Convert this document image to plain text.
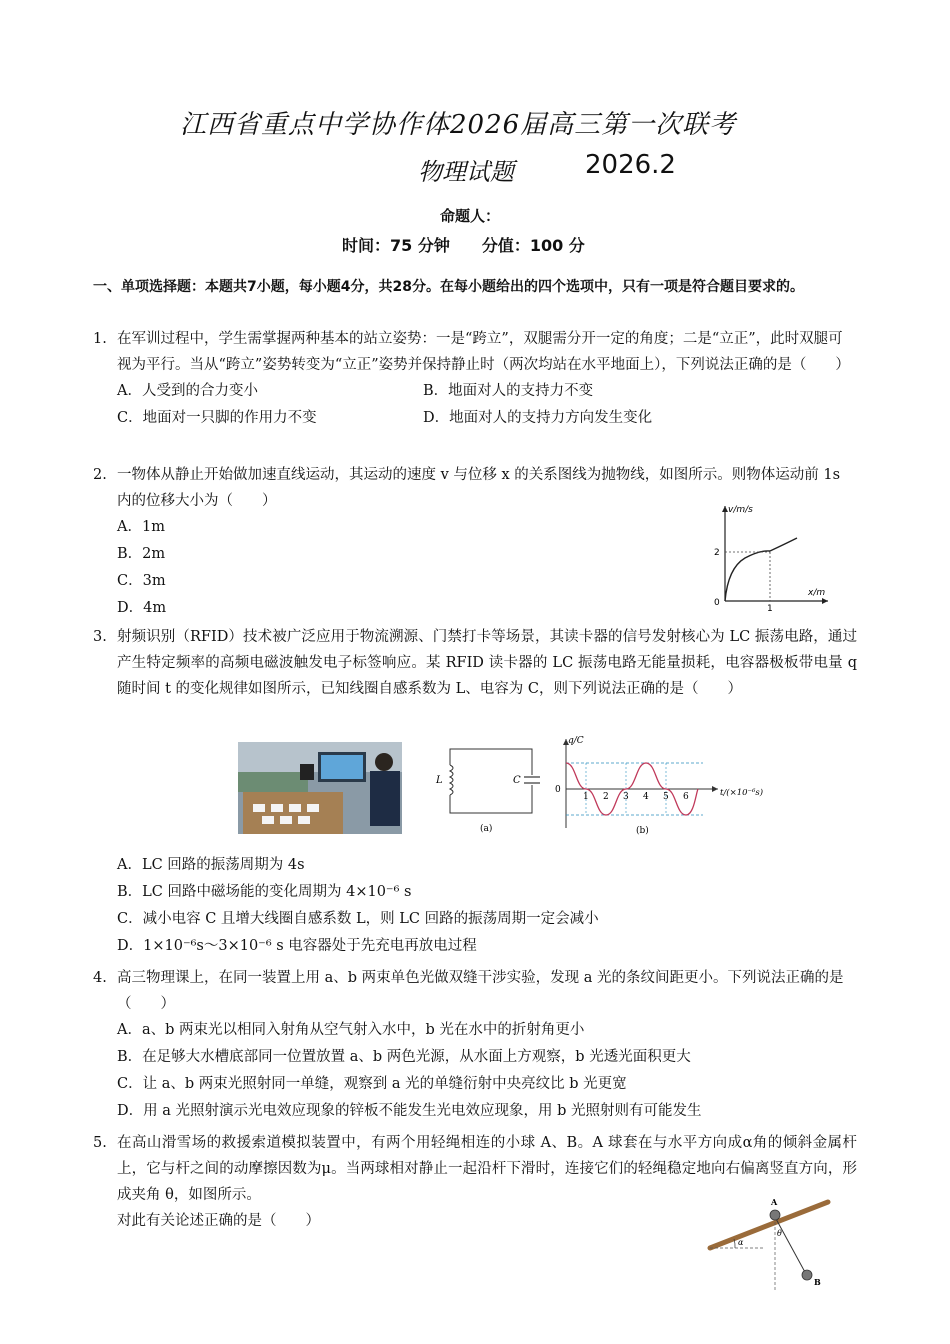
江西省重点中学协作体2026届高三第一次联考
物理试题	2026.2
命题人：
时间：75 分钟　　分值：100 分
一、单项选择题：本题共7小题，每小题4分，共28分。在每小题给出的四个选项中，只有一项是符合题目要求的。
1. 在军训过程中，学生需掌握两种基本的站立姿势：一是“跨立”，双腿需分开一定的角度；二是“立正”，此时双腿可视为平行。当从“跨立”姿势转变为“立正”姿势并保持静止时（两次均站在水平地面上），下列说法正确的是（　　）
A．人受到的合力变小	B．地面对人的支持力不变
C．地面对一只脚的作用力不变	D．地面对人的支持力方向发生变化
2. 一物体从静止开始做加速直线运动，其运动的速度 v 与位移 x 的关系图线为抛物线，如图所示。则物体运动前 1s 内的位移大小为（　　）
A．1m
B．2m
C．3m
D．4m
v/m/s
x/m
2
1
0
3. 射频识别（RFID）技术被广泛应用于物流溯源、门禁打卡等场景，其读卡器的信号发射核心为 LC 振荡电路，通过产生特定频率的高频电磁波触发电子标签响应。某 RFID 读卡器的 LC 振荡电路无能量损耗，电容器极板带电量 q 随时间 t 的变化规律如图所示，已知线圈自感系数为 L、电容为 C，则下列说法正确的是（　　）
L	C
(a)
q/C
0
1 2 3 4 5 6	t/(×10⁻⁶s)
(b)
A．LC 回路的振荡周期为 4s
B．LC 回路中磁场能的变化周期为 4×10⁻⁶ s
C．减小电容 C 且增大线圈自感系数 L，则 LC 回路的振荡周期一定会减小
D．1×10⁻⁶s～3×10⁻⁶ s 电容器处于先充电再放电过程
4. 高三物理课上，在同一装置上用 a、b 两束单色光做双缝干涉实验，发现 a 光的条纹间距更小。下列说法正确的是（　　）
A．a、b 两束光以相同入射角从空气射入水中，b 光在水中的折射角更小
B．在足够大水槽底部同一位置放置 a、b 两色光源，从水面上方观察，b 光透光面积更大
C．让 a、b 两束光照射同一单缝，观察到 a 光的单缝衍射中央亮纹比 b 光更宽
D．用 a 光照射演示光电效应现象的锌板不能发生光电效应现象，用 b 光照射则有可能发生
5. 在高山滑雪场的救援索道模拟装置中，有两个用轻绳相连的小球 A、B。A 球套在与水平方向成α角的倾斜金属杆上，它与杆之间的动摩擦因数为μ。当两球相对静止一起沿杆下滑时，连接它们的轻绳稳定地向右偏离竖直方向，形成夹角 θ，如图所示。
对此有关论述正确的是（　　）
A
B
α
θ
